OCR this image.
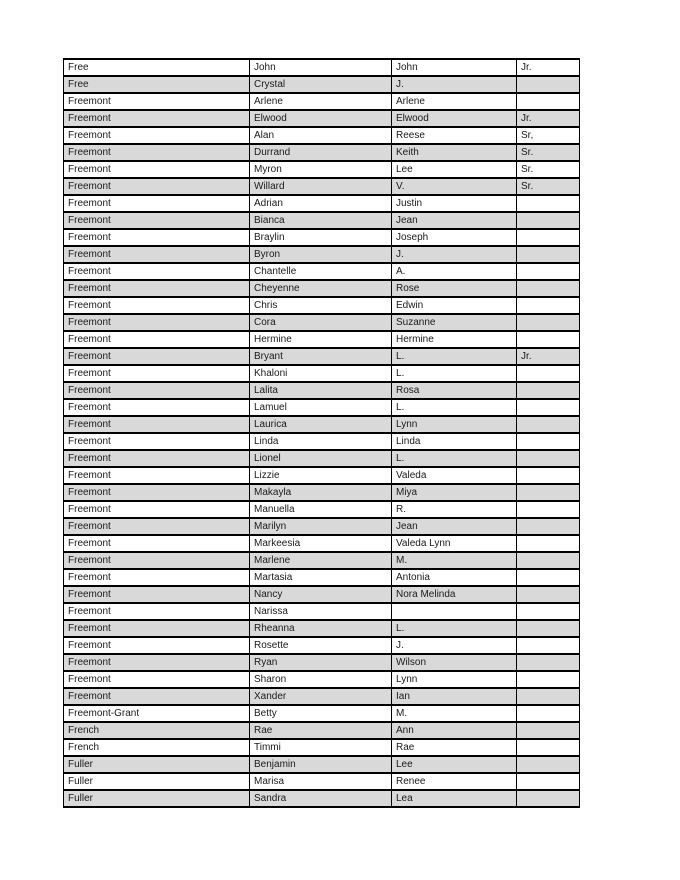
Free	John	John	Jr.
Free	Crystal	J.	
Freemont	Arlene	Arlene	
Freemont	Elwood	Elwood	Jr.
Freemont	Alan	Reese	Sr,
Freemont	Durrand	Keith	Sr.
Freemont	Myron	Lee	Sr.
Freemont	Willard	V.	Sr.
Freemont	Adrian	Justin	
Freemont	Bianca	Jean	
Freemont	Braylin	Joseph	
Freemont	Byron	J.	
Freemont	Chantelle	A.	
Freemont	Cheyenne	Rose	
Freemont	Chris	Edwin	
Freemont	Cora	Suzanne	
Freemont	Hermine	Hermine	
Freemont	Bryant	L.	Jr.
Freemont	Khaloni	L.	
Freemont	Lalita	Rosa	
Freemont	Lamuel	L.	
Freemont	Laurica	Lynn	
Freemont	Linda	Linda	
Freemont	Lionel	L.	
Freemont	Lizzie	Valeda	
Freemont	Makayla	Miya	
Freemont	Manuella	R.	
Freemont	Marilyn	Jean	
Freemont	Markeesia	Valeda Lynn	
Freemont	Marlene	M.	
Freemont	Martasia	Antonia	
Freemont	Nancy	Nora Melinda	
Freemont	Narissa		
Freemont	Rheanna	L.	
Freemont	Rosette	J.	
Freemont	Ryan	Wilson	
Freemont	Sharon	Lynn	
Freemont	Xander	Ian	
Freemont-Grant	Betty	M.	
French	Rae	Ann	
French	Timmi	Rae	
Fuller	Benjamin	Lee	
Fuller	Marisa	Renee	
Fuller	Sandra	Lea	
